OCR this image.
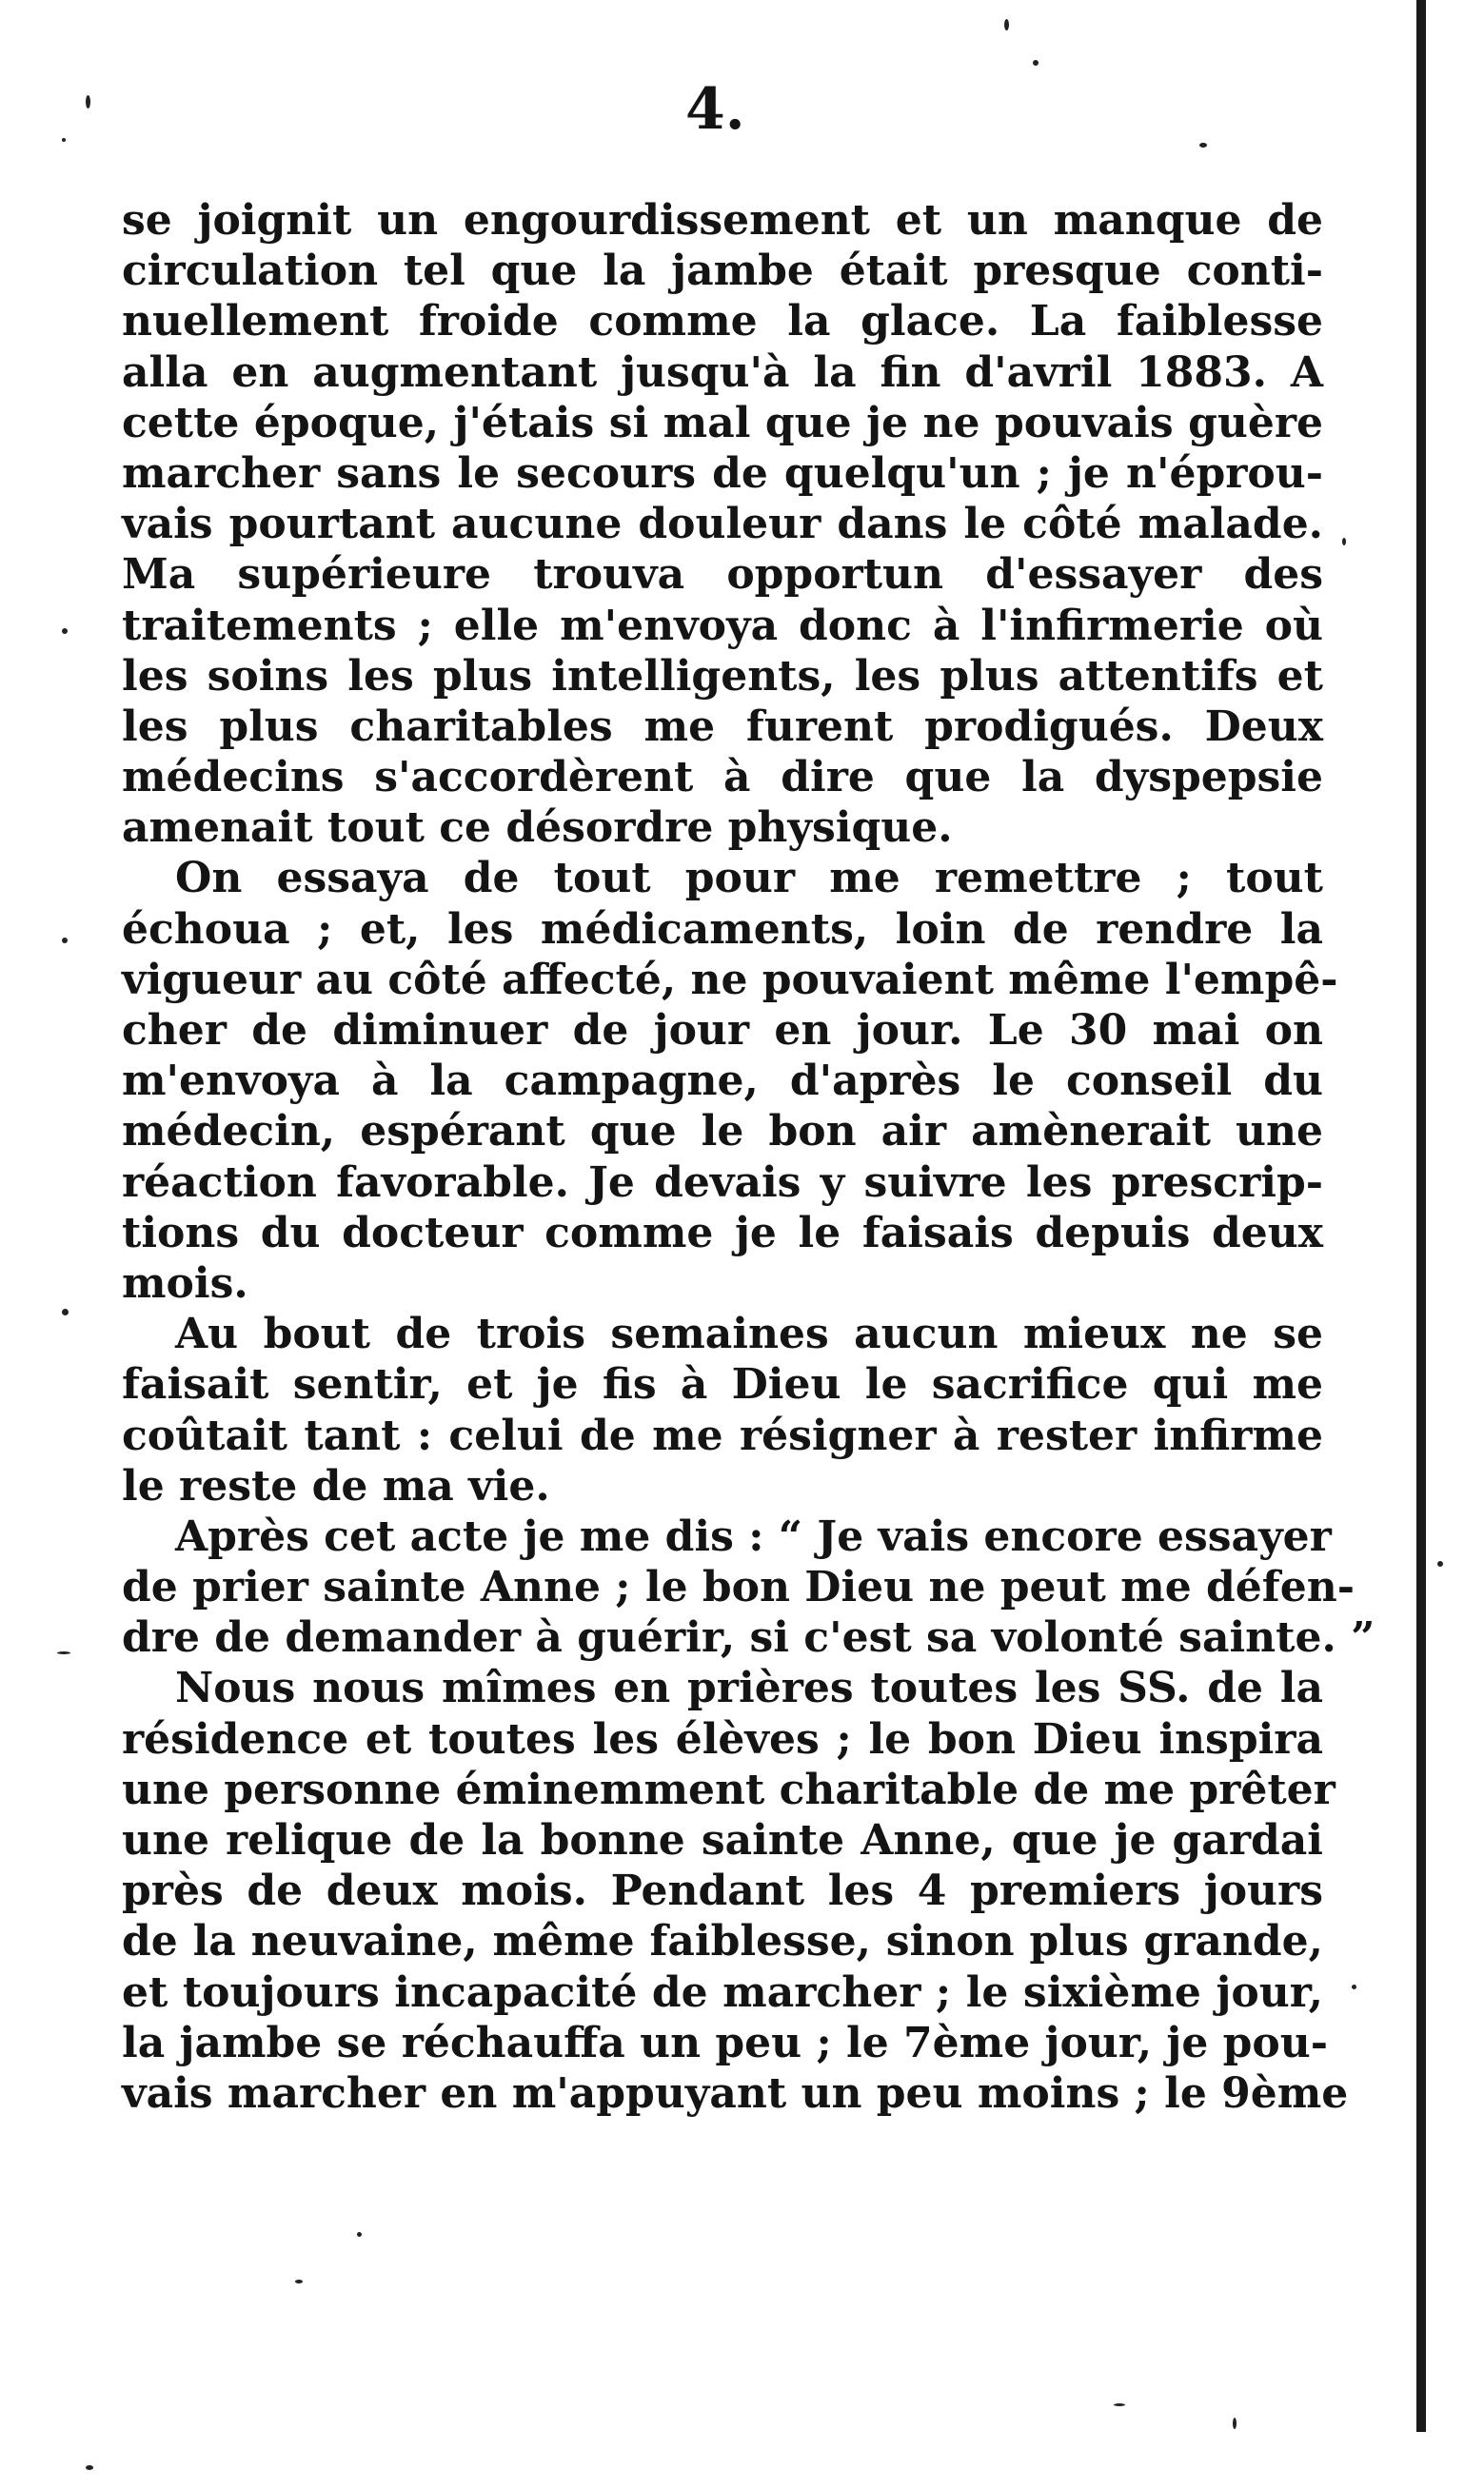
4.
se joignit un engourdissement et un manque de
circulation tel que la jambe était presque conti-
nuellement froide comme la glace. La faiblesse
alla en augmentant jusqu'à la fin d'avril 1883. A
cette époque, j'étais si mal que je ne pouvais guère
marcher sans le secours de quelqu'un ; je n'éprou-
vais pourtant aucune douleur dans le côté malade.
Ma supérieure trouva opportun d'essayer des
traitements ; elle m'envoya donc à l'infirmerie où
les soins les plus intelligents, les plus attentifs et
les plus charitables me furent prodigués. Deux
médecins s'accordèrent à dire que la dyspepsie
amenait tout ce désordre physique.
On essaya de tout pour me remettre ; tout
échoua ; et, les médicaments, loin de rendre la
vigueur au côté affecté, ne pouvaient même l'empê-
cher de diminuer de jour en jour. Le 30 mai on
m'envoya à la campagne, d'après le conseil du
médecin, espérant que le bon air amènerait une
réaction favorable. Je devais y suivre les prescrip-
tions du docteur comme je le faisais depuis deux
mois.
Au bout de trois semaines aucun mieux ne se
faisait sentir, et je fis à Dieu le sacrifice qui me
coûtait tant : celui de me résigner à rester infirme
le reste de ma vie.
Après cet acte je me dis : “ Je vais encore essayer
de prier sainte Anne ; le bon Dieu ne peut me défen-
dre de demander à guérir, si c'est sa volonté sainte. ”
Nous nous mîmes en prières toutes les SS. de la
résidence et toutes les élèves ; le bon Dieu inspira
une personne éminemment charitable de me prêter
une relique de la bonne sainte Anne, que je gardai
près de deux mois. Pendant les 4 premiers jours
de la neuvaine, même faiblesse, sinon plus grande,
et toujours incapacité de marcher ; le sixième jour,
la jambe se réchauffa un peu ; le 7ème jour, je pou-
vais marcher en m'appuyant un peu moins ; le 9ème
